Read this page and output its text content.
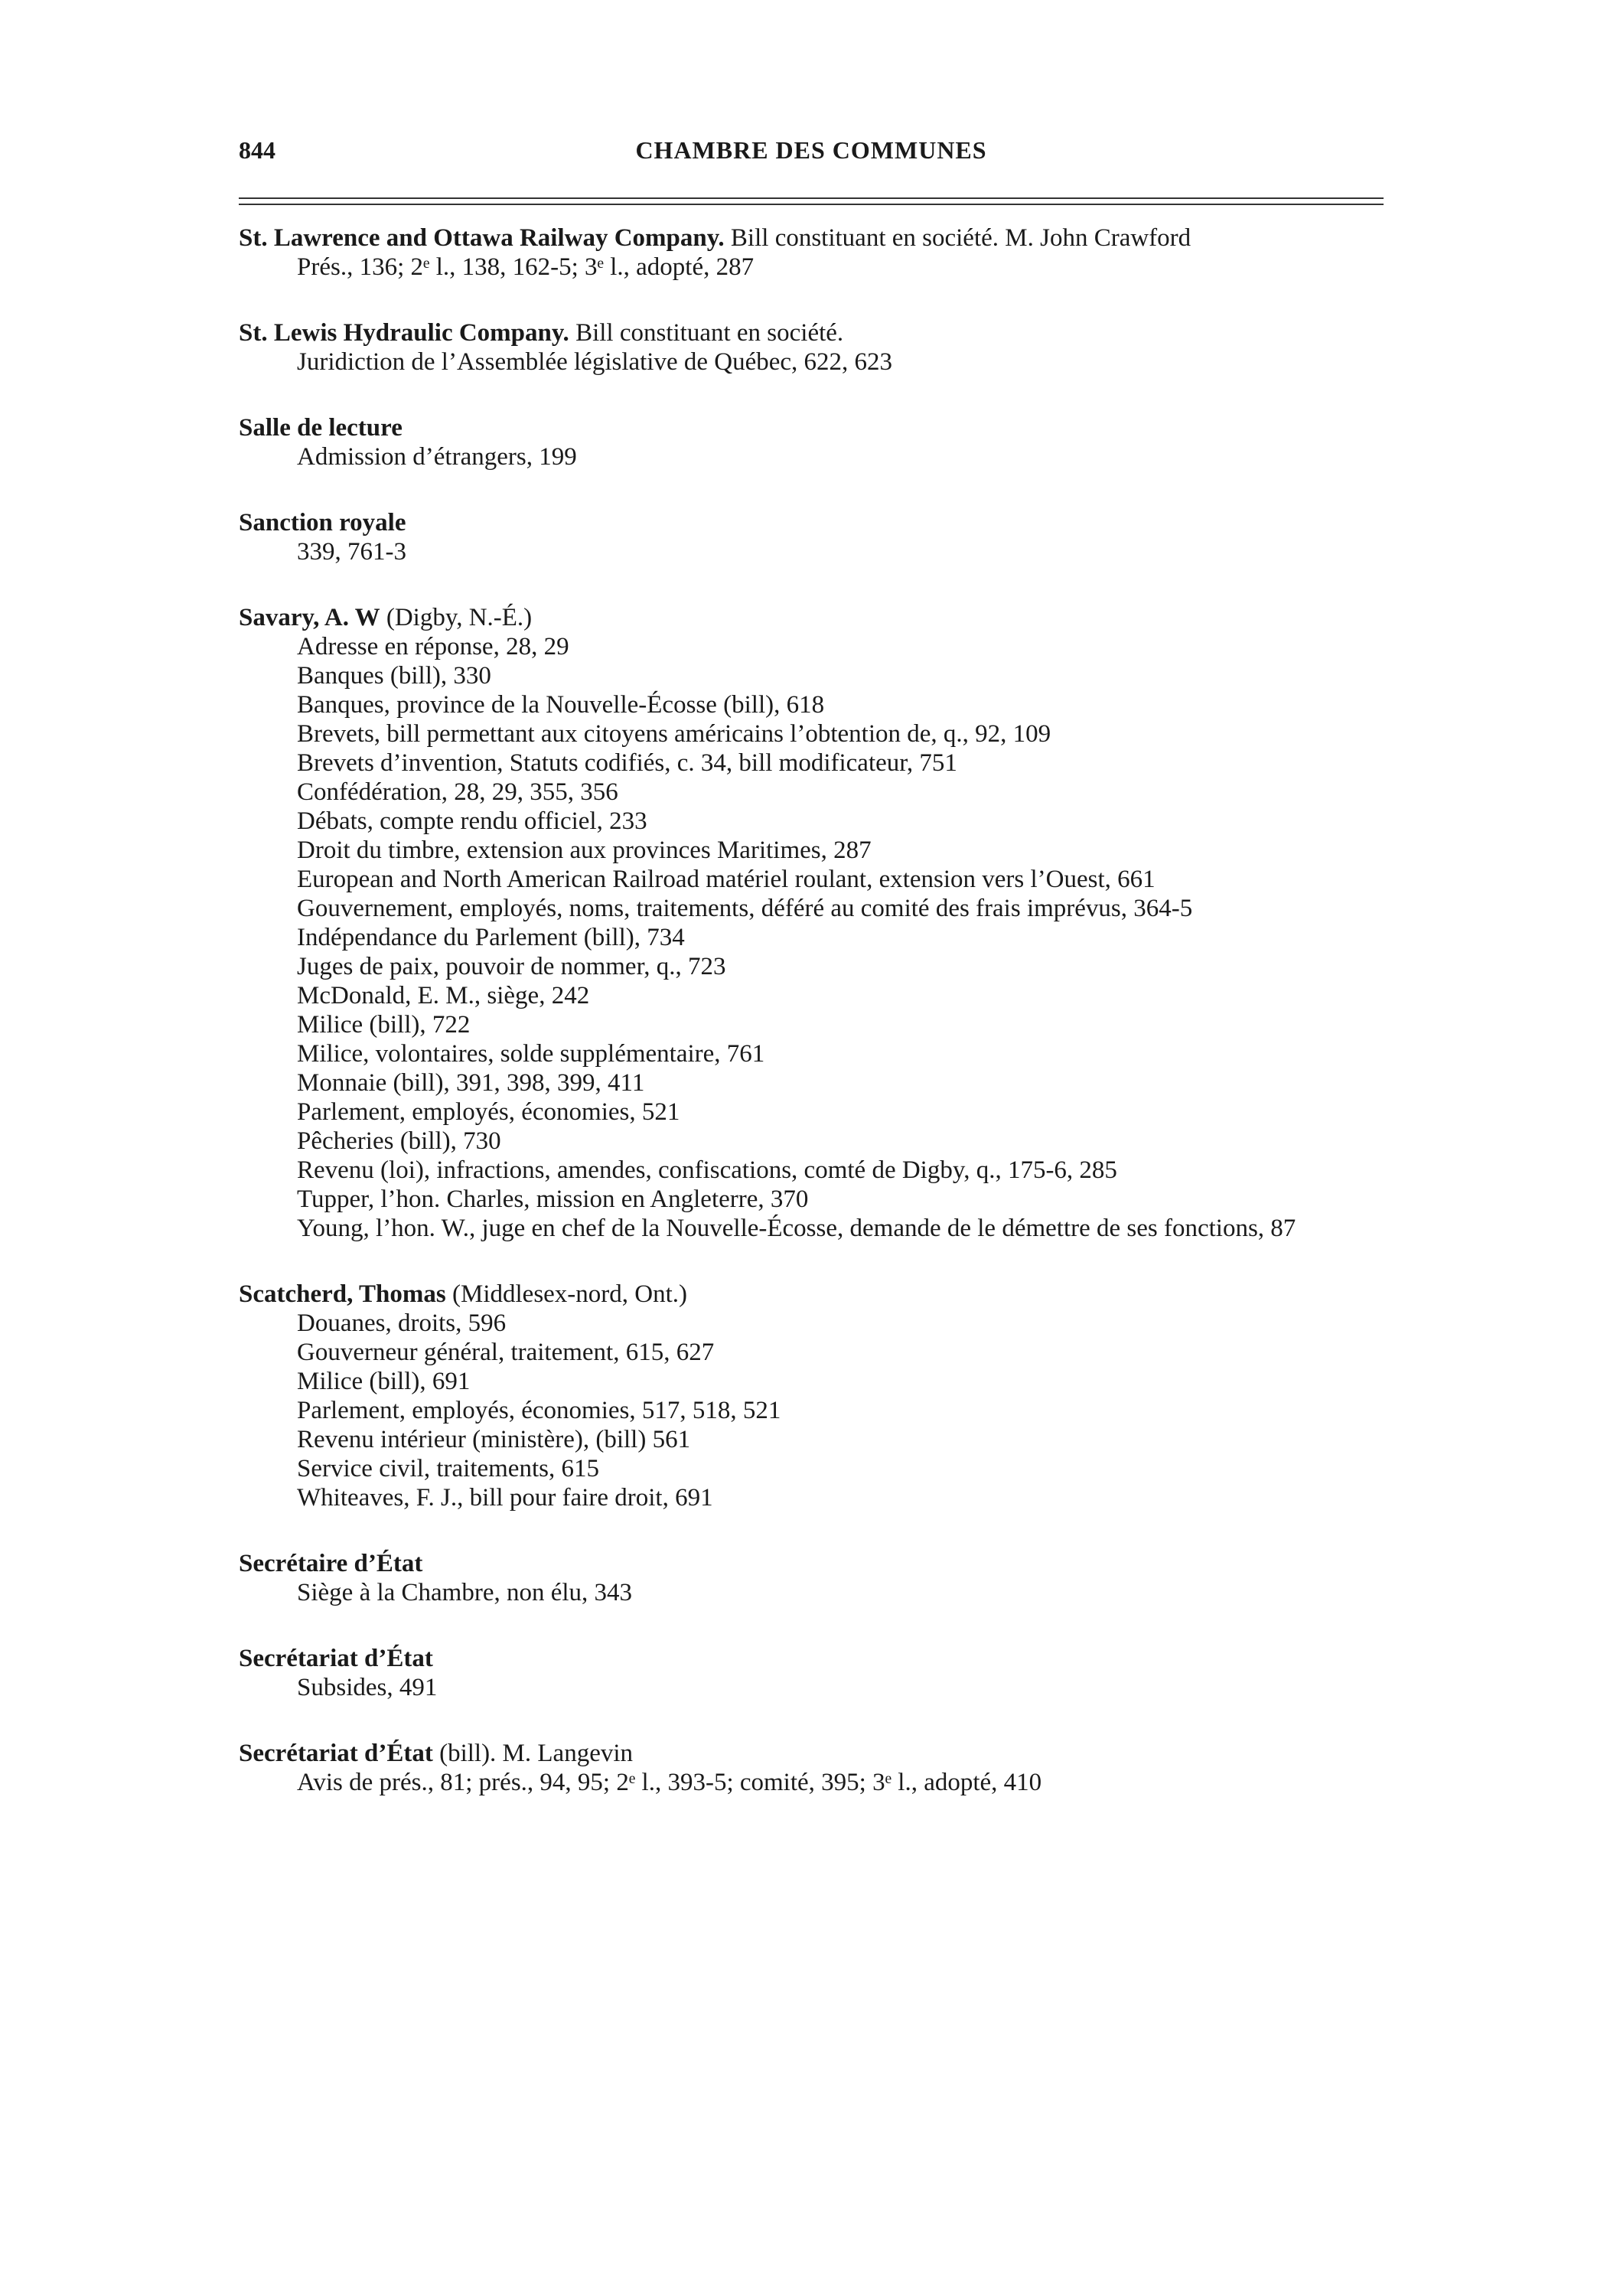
844	CHAMBRE DES COMMUNES
St. Lawrence and Ottawa Railway Company. Bill constituant en société. M. John Crawford
Prés., 136; 2ᵉ l., 138, 162-5; 3ᵉ l., adopté, 287
St. Lewis Hydraulic Company. Bill constituant en société.
Juridiction de l’Assemblée législative de Québec, 622, 623
Salle de lecture
Admission d’étrangers, 199
Sanction royale
339, 761-3
Savary, A. W (Digby, N.-É.)
Adresse en réponse, 28, 29
Banques (bill), 330
Banques, province de la Nouvelle-Écosse (bill), 618
Brevets, bill permettant aux citoyens américains l’obtention de, q., 92, 109
Brevets d’invention, Statuts codifiés, c. 34, bill modificateur, 751
Confédération, 28, 29, 355, 356
Débats, compte rendu officiel, 233
Droit du timbre, extension aux provinces Maritimes, 287
European and North American Railroad matériel roulant, extension vers l’Ouest, 661
Gouvernement, employés, noms, traitements, déféré au comité des frais imprévus, 364-5
Indépendance du Parlement (bill), 734
Juges de paix, pouvoir de nommer, q., 723
McDonald, E. M., siège, 242
Milice (bill), 722
Milice, volontaires, solde supplémentaire, 761
Monnaie (bill), 391, 398, 399, 411
Parlement, employés, économies, 521
Pêcheries (bill), 730
Revenu (loi), infractions, amendes, confiscations, comté de Digby, q., 175-6, 285
Tupper, l’hon. Charles, mission en Angleterre, 370
Young, l’hon. W., juge en chef de la Nouvelle-Écosse, demande de le démettre de ses fonctions, 87
Scatcherd, Thomas (Middlesex-nord, Ont.)
Douanes, droits, 596
Gouverneur général, traitement, 615, 627
Milice (bill), 691
Parlement, employés, économies, 517, 518, 521
Revenu intérieur (ministère), (bill) 561
Service civil, traitements, 615
Whiteaves, F. J., bill pour faire droit, 691
Secrétaire d’État
Siège à la Chambre, non élu, 343
Secrétariat d’État
Subsides, 491
Secrétariat d’État (bill). M. Langevin
Avis de prés., 81; prés., 94, 95; 2ᵉ l., 393-5; comité, 395; 3ᵉ l., adopté, 410
